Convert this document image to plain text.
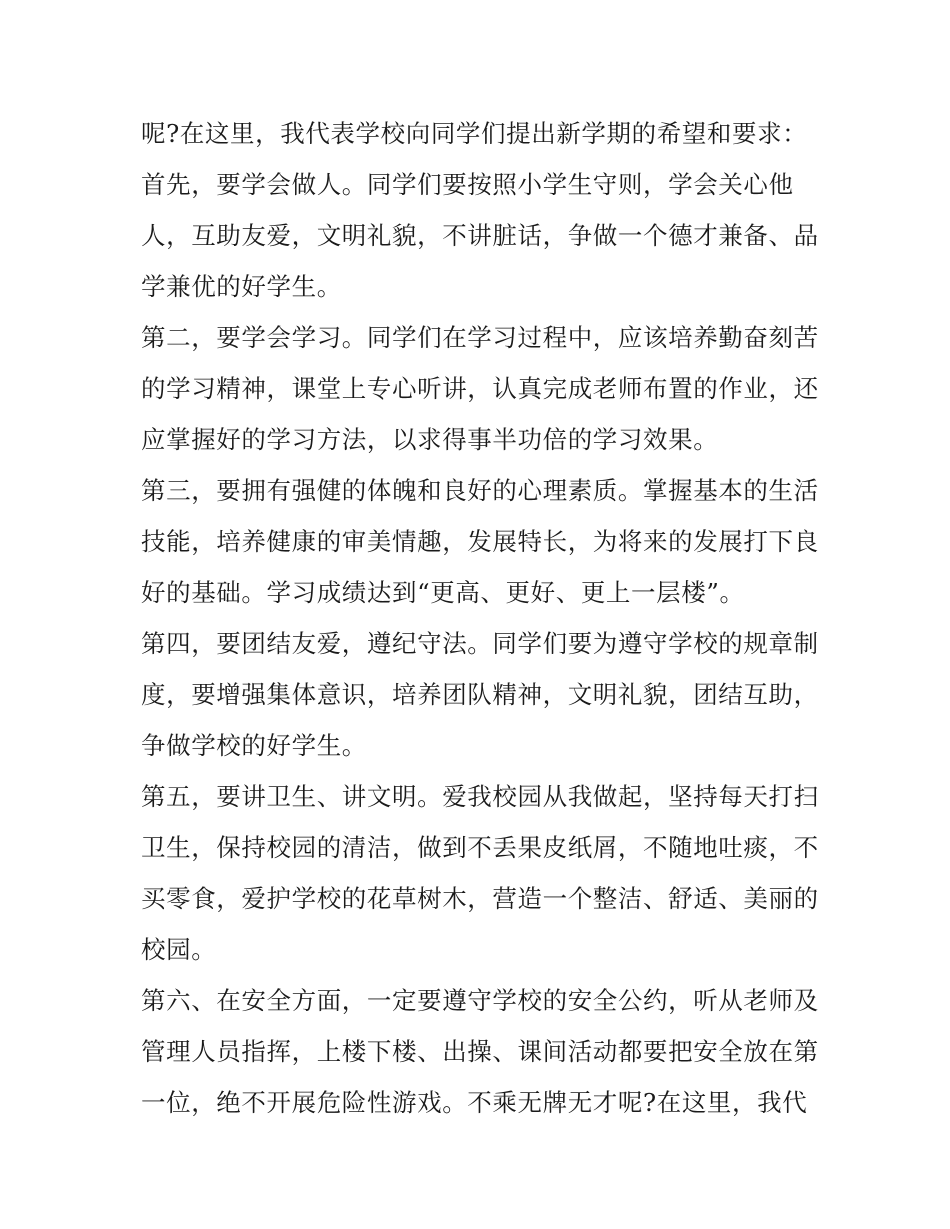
呢?在这里，我代表学校向同学们提出新学期的希望和要求：
首先，要学会做人。同学们要按照小学生守则，学会关心他
人，互助友爱，文明礼貌，不讲脏话，争做一个德才兼备、品
学兼优的好学生。
第二，要学会学习。同学们在学习过程中，应该培养勤奋刻苦
的学习精神，课堂上专心听讲，认真完成老师布置的作业，还
应掌握好的学习方法，以求得事半功倍的学习效果。
第三，要拥有强健的体魄和良好的心理素质。掌握基本的生活
技能，培养健康的审美情趣，发展特长，为将来的发展打下良
好的基础。学习成绩达到“更高、更好、更上一层楼”。
第四，要团结友爱，遵纪守法。同学们要为遵守学校的规章制
度，要增强集体意识，培养团队精神，文明礼貌，团结互助，
争做学校的好学生。
第五，要讲卫生、讲文明。爱我校园从我做起，坚持每天打扫
卫生，保持校园的清洁，做到不丢果皮纸屑，不随地吐痰，不
买零食，爱护学校的花草树木，营造一个整洁、舒适、美丽的
校园。
第六、在安全方面，一定要遵守学校的安全公约，听从老师及
管理人员指挥，上楼下楼、出操、课间活动都要把安全放在第
一位，绝不开展危险性游戏。不乘无牌无才呢?在这里，我代
